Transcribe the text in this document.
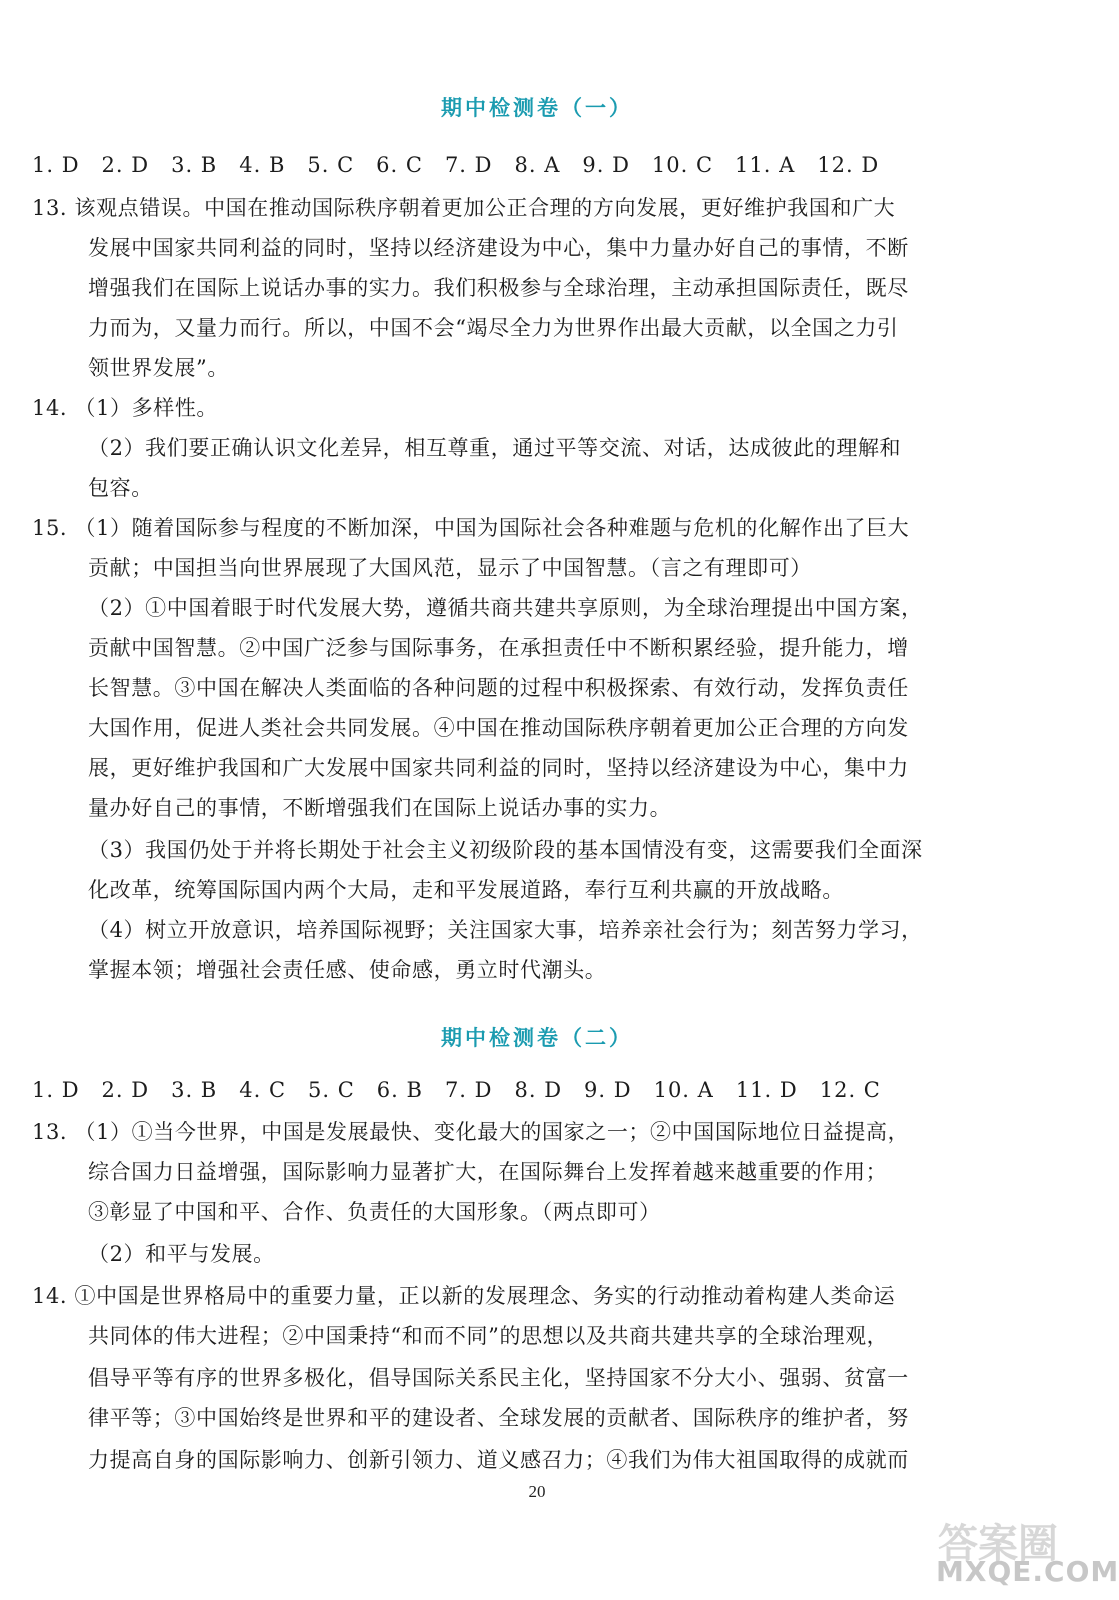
期中检测卷（一）
1. D　2. D　3. B　4. B　5. C　6. C　7. D　8. A　9. D　10. C　11. A　12. D
13. 该观点错误。中国在推动国际秩序朝着更加公正合理的方向发展，更好维护我国和广大
发展中国家共同利益的同时，坚持以经济建设为中心，集中力量办好自己的事情，不断
增强我们在国际上说话办事的实力。我们积极参与全球治理，主动承担国际责任，既尽
力而为，又量力而行。所以，中国不会“竭尽全力为世界作出最大贡献，以全国之力引
领世界发展”。
14. （1）多样性。
（2）我们要正确认识文化差异，相互尊重，通过平等交流、对话，达成彼此的理解和
包容。
15. （1）随着国际参与程度的不断加深，中国为国际社会各种难题与危机的化解作出了巨大
贡献；中国担当向世界展现了大国风范，显示了中国智慧。（言之有理即可）
（2）①中国着眼于时代发展大势，遵循共商共建共享原则，为全球治理提出中国方案，
贡献中国智慧。②中国广泛参与国际事务，在承担责任中不断积累经验，提升能力，增
长智慧。③中国在解决人类面临的各种问题的过程中积极探索、有效行动，发挥负责任
大国作用，促进人类社会共同发展。④中国在推动国际秩序朝着更加公正合理的方向发
展，更好维护我国和广大发展中国家共同利益的同时，坚持以经济建设为中心，集中力
量办好自己的事情，不断增强我们在国际上说话办事的实力。
（3）我国仍处于并将长期处于社会主义初级阶段的基本国情没有变，这需要我们全面深
化改革，统筹国际国内两个大局，走和平发展道路，奉行互利共赢的开放战略。
（4）树立开放意识，培养国际视野；关注国家大事，培养亲社会行为；刻苦努力学习，
掌握本领；增强社会责任感、使命感，勇立时代潮头。
期中检测卷（二）
1. D　2. D　3. B　4. C　5. C　6. B　7. D　8. D　9. D　10. A　11. D　12. C
13. （1）①当今世界，中国是发展最快、变化最大的国家之一；②中国国际地位日益提高，
综合国力日益增强，国际影响力显著扩大，在国际舞台上发挥着越来越重要的作用；
③彰显了中国和平、合作、负责任的大国形象。（两点即可）
（2）和平与发展。
14. ①中国是世界格局中的重要力量，正以新的发展理念、务实的行动推动着构建人类命运
共同体的伟大进程；②中国秉持“和而不同”的思想以及共商共建共享的全球治理观，
倡导平等有序的世界多极化，倡导国际关系民主化，坚持国家不分大小、强弱、贫富一
律平等；③中国始终是世界和平的建设者、全球发展的贡献者、国际秩序的维护者，努
力提高自身的国际影响力、创新引领力、道义感召力；④我们为伟大祖国取得的成就而
20
答案圈
MXQE.COM
